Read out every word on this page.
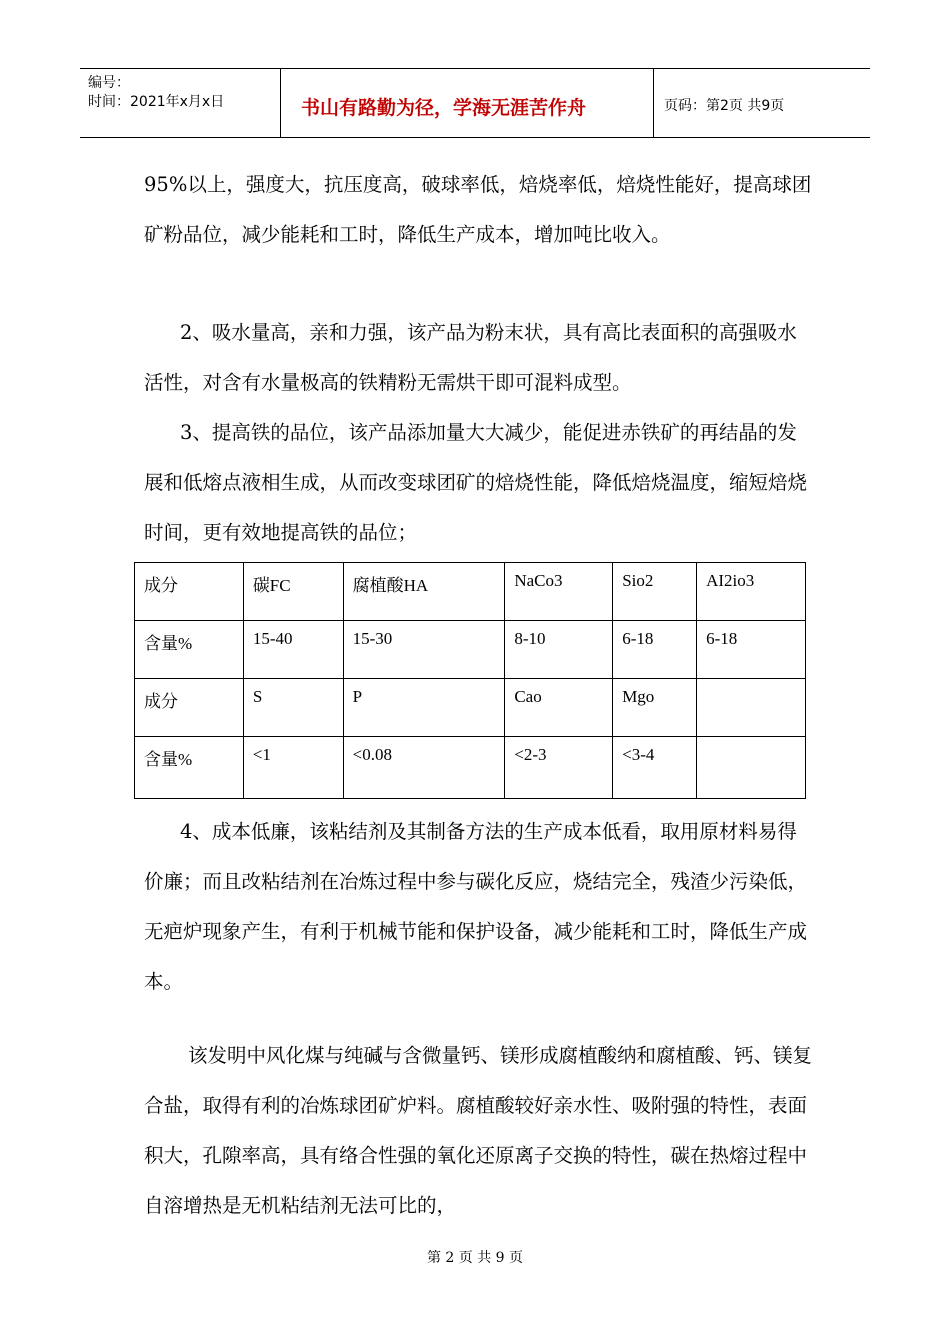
编号：
时间：2021年x月x日	书山有路勤为径，学海无涯苦作舟	页码：第2页 共9页

95%以上，强度大，抗压度高，破球率低，焙烧率低，焙烧性能好，提高球团矿粉品位，减少能耗和工时，降低生产成本，增加吨比收入。

2、吸水量高，亲和力强，该产品为粉末状，具有高比表面积的高强吸水活性，对含有水量极高的铁精粉无需烘干即可混料成型。

3、提高铁的品位，该产品添加量大大减少，能促进赤铁矿的再结晶的发展和低熔点液相生成，从而改变球团矿的焙烧性能，降低焙烧温度，缩短焙烧时间，更有效地提高铁的品位；

成分	碳FC	腐植酸HA	NaCo3	Sio2	AI2io3
含量%	15-40	15-30	8-10	6-18	6-18
成分	S	P	Cao	Mgo	
含量%	<1	<0.08	<2-3	<3-4	

4、成本低廉，该粘结剂及其制备方法的生产成本低看，取用原材料易得价廉；而且改粘结剂在冶炼过程中参与碳化反应，烧结完全，残渣少污染低，无疤炉现象产生，有利于机械节能和保护设备，减少能耗和工时，降低生产成本。

该发明中风化煤与纯碱与含微量钙、镁形成腐植酸纳和腐植酸、钙、镁复合盐，取得有利的冶炼球团矿炉料。腐植酸较好亲水性、吸附强的特性，表面积大，孔隙率高，具有络合性强的氧化还原离子交换的特性，碳在热熔过程中自溶增热是无机粘结剂无法可比的，

第 2 页 共 9 页
